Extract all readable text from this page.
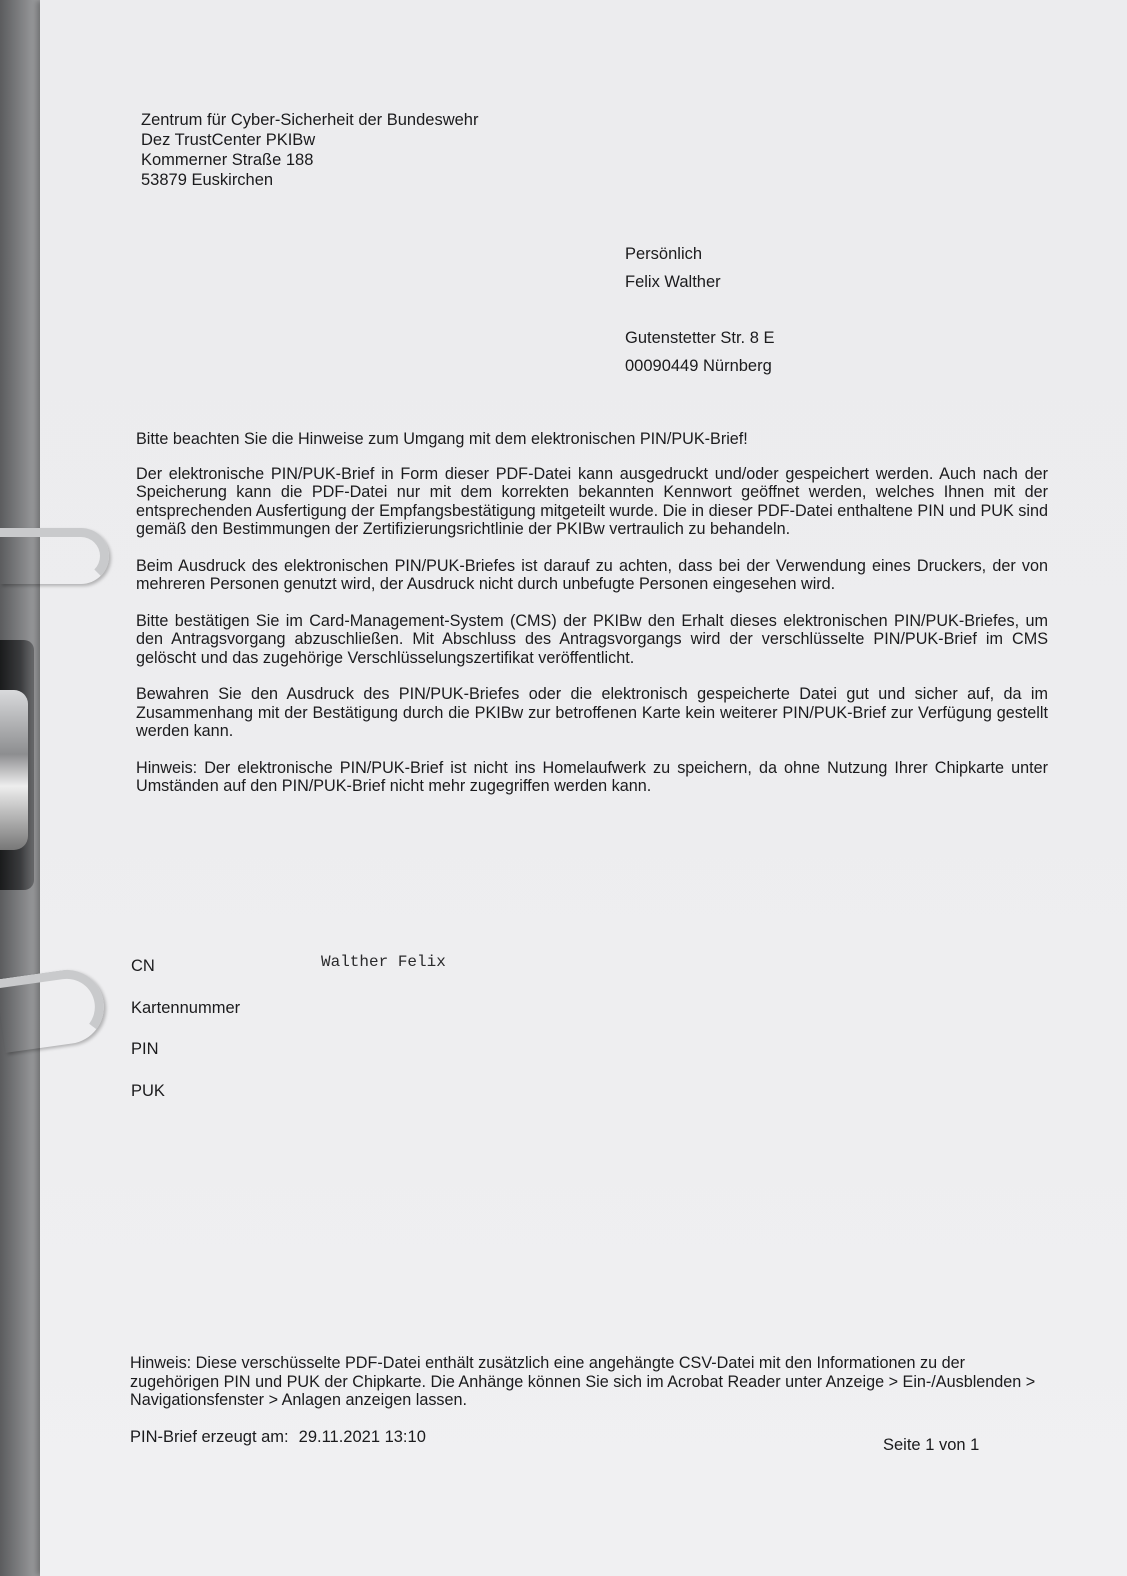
Zentrum für Cyber-Sicherheit der Bundeswehr
Dez TrustCenter PKIBw
Kommerner Straße 188
53879 Euskirchen
Persönlich
Felix Walther
Gutenstetter Str. 8 E
00090449 Nürnberg
Bitte beachten Sie die Hinweise zum Umgang mit dem elektronischen PIN/PUK-Brief!

Der elektronische PIN/PUK-Brief in Form dieser PDF-Datei kann ausgedruckt und/oder gespeichert werden. Auch nach der Speicherung kann die PDF-Datei nur mit dem korrekten bekannten Kennwort geöffnet werden, welches Ihnen mit der entsprechenden Ausfertigung der Empfangsbestätigung mitgeteilt wurde. Die in dieser PDF-Datei enthaltene PIN und PUK sind gemäß den Bestimmungen der Zertifizierungsrichtlinie der PKIBw vertraulich zu behandeln.

Beim Ausdruck des elektronischen PIN/PUK-Briefes ist darauf zu achten, dass bei der Verwendung eines Druckers, der von mehreren Personen genutzt wird, der Ausdruck nicht durch unbefugte Personen eingesehen wird.

Bitte bestätigen Sie im Card-Management-System (CMS) der PKIBw den Erhalt dieses elektronischen PIN/PUK-Briefes, um den Antragsvorgang abzuschließen. Mit Abschluss des Antragsvorgangs wird der verschlüsselte PIN/PUK-Brief im CMS gelöscht und das zugehörige Verschlüsselungszertifikat veröffentlicht.

Bewahren Sie den Ausdruck des PIN/PUK-Briefes oder die elektronisch gespeicherte Datei gut und sicher auf, da im Zusammenhang mit der Bestätigung durch die PKIBw zur betroffenen Karte kein weiterer PIN/PUK-Brief zur Verfügung gestellt werden kann.

Hinweis: Der elektronische PIN/PUK-Brief ist nicht ins Homelaufwerk zu speichern, da ohne Nutzung Ihrer Chipkarte unter Umständen auf den PIN/PUK-Brief nicht mehr zugegriffen werden kann.

CN	Walther Felix
Kartennummer
PIN
PUK
Hinweis: Diese verschüsselte PDF-Datei enthält zusätzlich eine angehängte CSV-Datei mit den Informationen zu der zugehörigen PIN und PUK der Chipkarte. Die Anhänge können Sie sich im Acrobat Reader unter Anzeige > Ein-/Ausblenden > Navigationsfenster > Anlagen anzeigen lassen.
PIN-Brief erzeugt am: 29.11.2021 13:10	Seite 1 von 1
